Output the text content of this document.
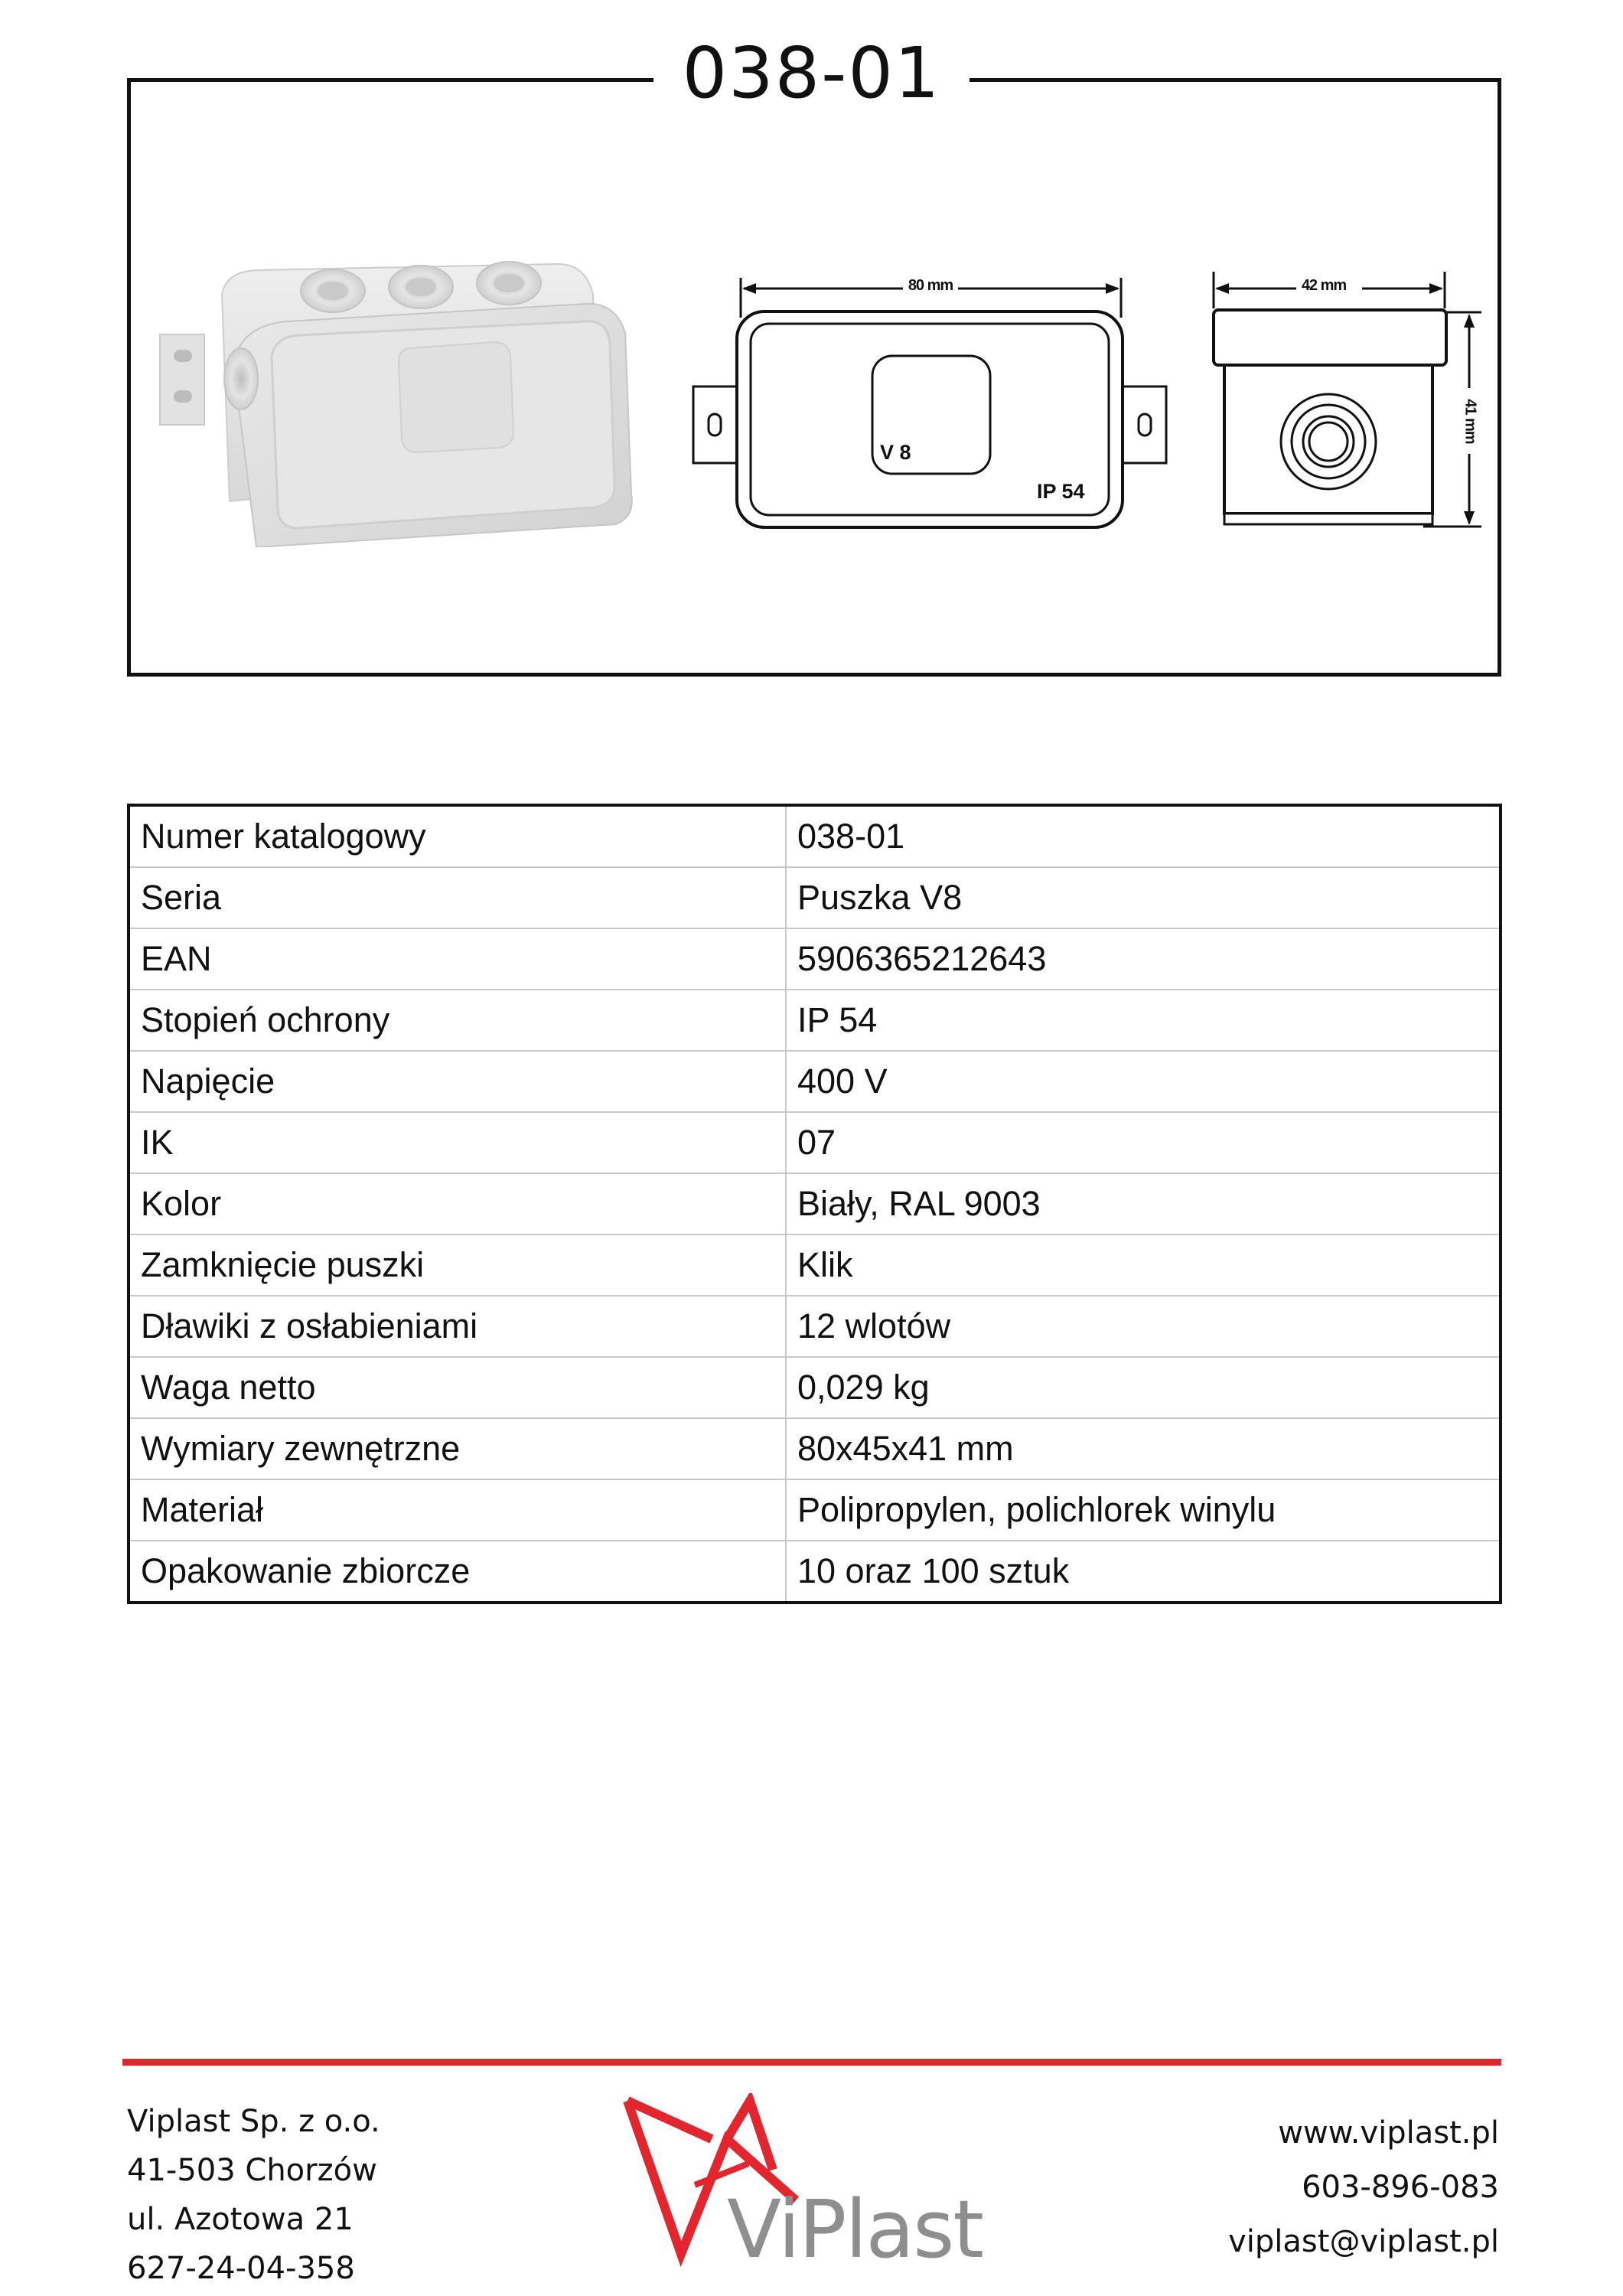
038-01
80 mm
V 8
IP 54
42 mm
41 mm
Numer katalogowy	038-01
Seria	Puszka V8
EAN	5906365212643
Stopień ochrony	IP 54
Napięcie	400 V
IK	07
Kolor	Biały, RAL 9003
Zamknięcie puszki	Klik
Dławiki z osłabieniami	12 wlotów
Waga netto	0,029 kg
Wymiary zewnętrzne	80x45x41 mm
Materiał	Polipropylen, polichlorek winylu
Opakowanie zbiorcze	10 oraz 100 sztuk
Viplast Sp. z o.o.
41-503 Chorzów
ul. Azotowa 21
627-24-04-358	ViPlast
www.viplast.pl
603-896-083
viplast@viplast.pl
